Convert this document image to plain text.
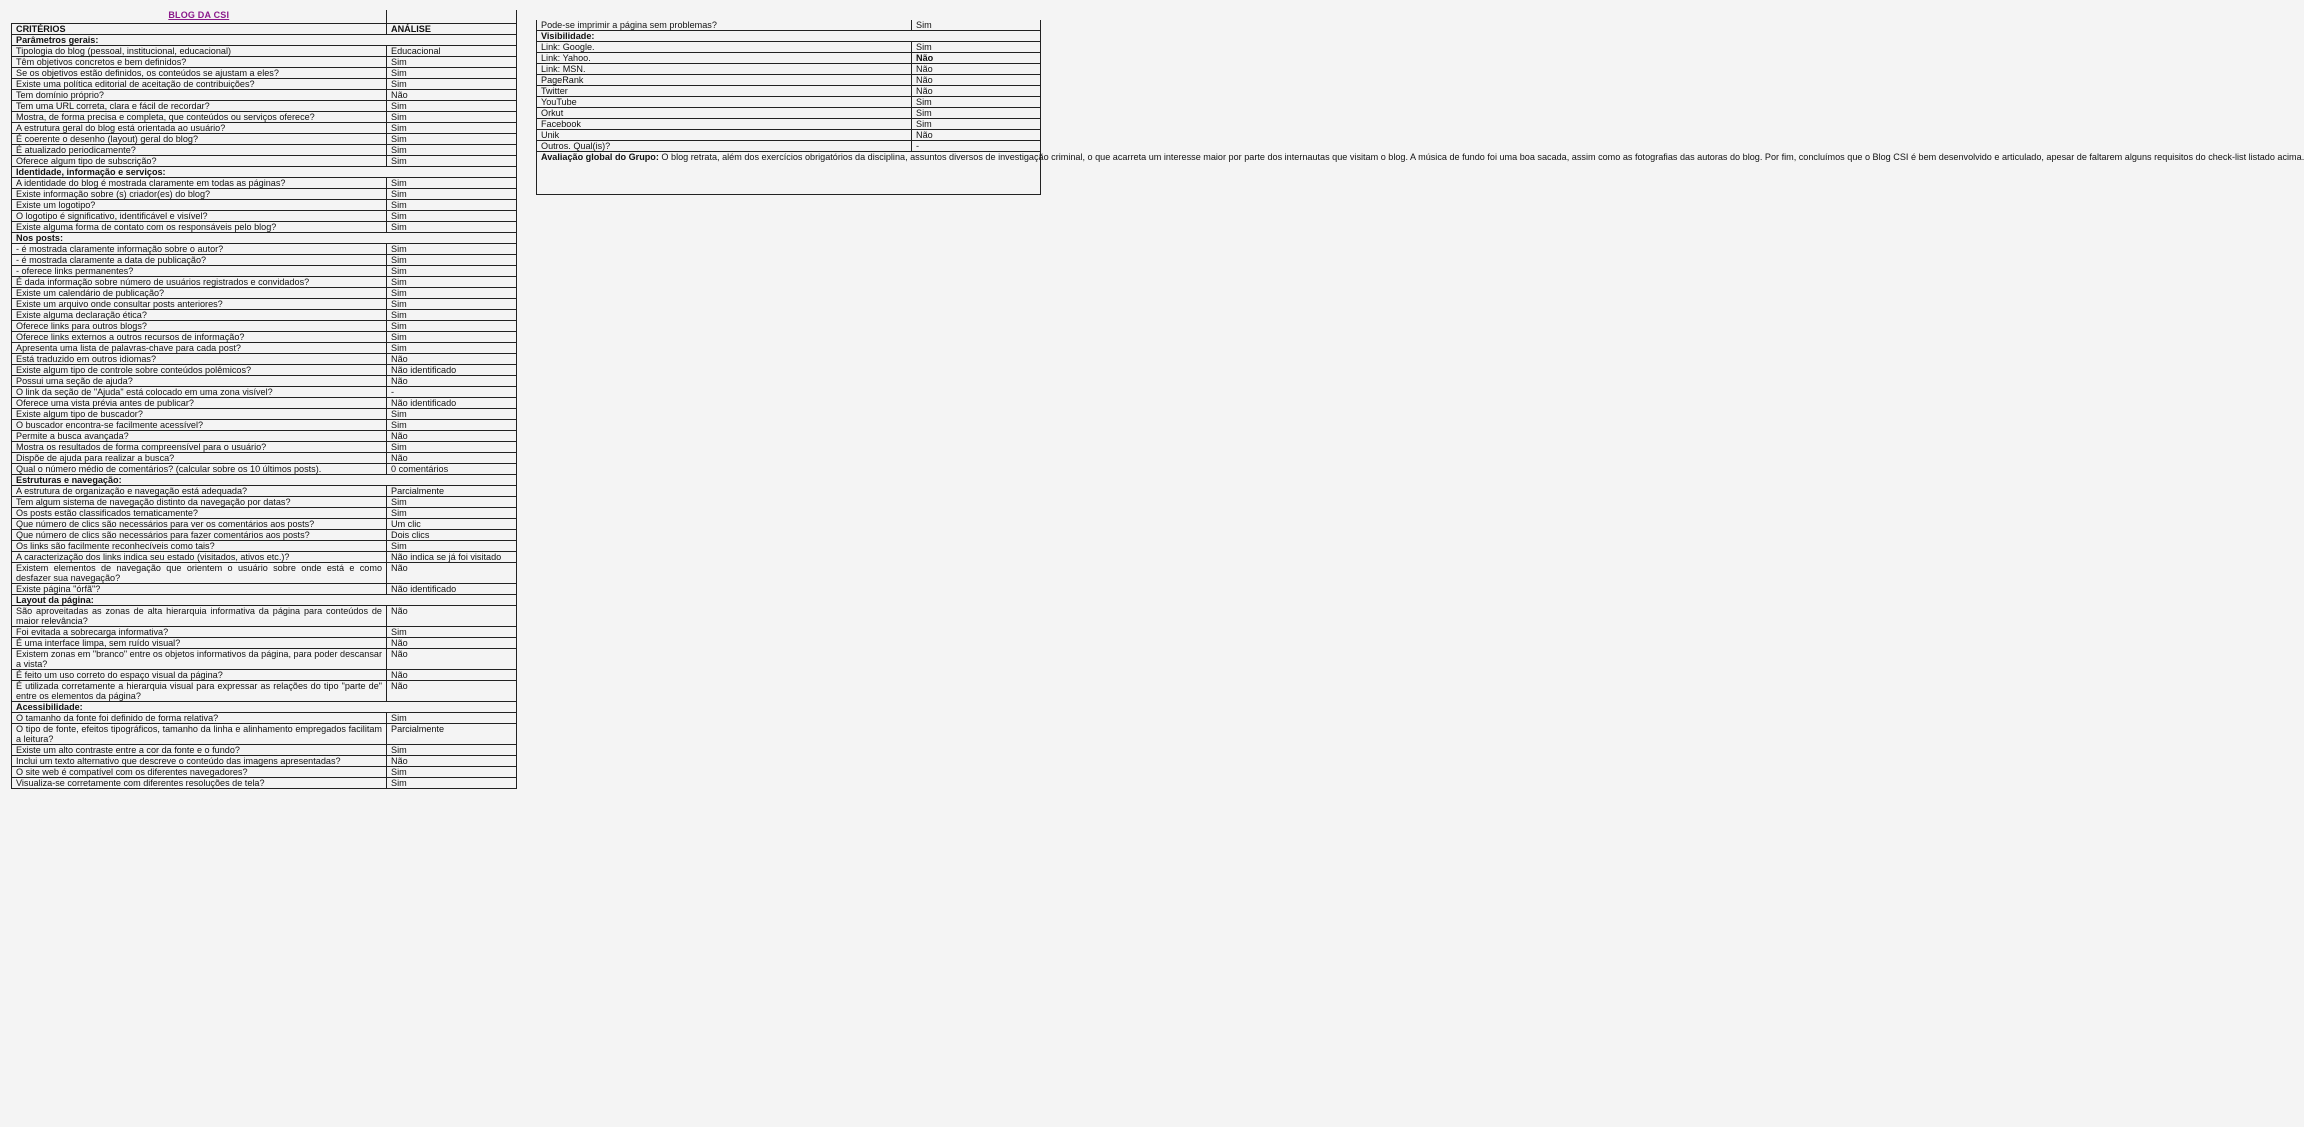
BLOG DA CSI	
CRITÉRIOS	ANÁLISE
Parâmetros gerais:	
Tipologia do blog (pessoal, institucional, educacional)	Educacional
Têm objetivos concretos e bem definidos?	Sim
Se os objetivos estão definidos, os conteúdos se ajustam a eles?	Sim
Existe uma política editorial de aceitação de contribuições?	Sim
Tem domínio próprio?	Não
Tem uma URL correta, clara e fácil de recordar?	Sim
Mostra, de forma precisa e completa, que conteúdos ou serviços oferece?	Sim
A estrutura geral do blog está orientada ao usuário?	Sim
É coerente o desenho (layout) geral do blog?	Sim
É atualizado periodicamente?	Sim
Oferece algum tipo de subscrição?	Sim
Identidade, informação e serviços:	
A identidade do blog é mostrada claramente em todas as páginas?	Sim
Existe informação sobre (s) criador(es) do blog?	Sim
Existe um logotipo?	Sim
O logotipo é significativo, identificável e visível?	Sim
Existe alguma forma de contato com os responsáveis pelo blog?	Sim
Nos posts:	
- é mostrada claramente informação sobre o autor?	Sim
- é mostrada claramente a data de publicação?	Sim
- oferece links permanentes?	Sim
É dada informação sobre número de usuários registrados e convidados?	Sim
Existe um calendário de publicação?	Sim
Existe um arquivo onde consultar posts anteriores?	Sim
Existe alguma declaração ética?	Sim
Oferece links para outros blogs?	Sim
Oferece links externos a outros recursos de informação?	Sim
Apresenta uma lista de palavras-chave para cada post?	Sim
Está traduzido em outros idiomas?	Não
Existe algum tipo de controle sobre conteúdos polêmicos?	Não identificado
Possui uma seção de ajuda?	Não
O link da seção de "Ajuda" está colocado em uma zona visível?	-
Oferece uma vista prévia antes de publicar?	Não identificado
Existe algum tipo de buscador?	Sim
O buscador encontra-se facilmente acessível?	Sim
Permite a busca avançada?	Não
Mostra os resultados de forma compreensível para o usuário?	Sim
Dispõe de ajuda para realizar a busca?	Não
Qual o número médio de comentários? (calcular sobre os 10 últimos posts).	0 comentários
Estruturas e navegação:	
A estrutura de organização e navegação está adequada?	Parcialmente
Tem algum sistema de navegação distinto da navegação por datas?	Sim
Os posts estão classificados tematicamente?	Sim
Que número de clics são necessários para ver os comentários aos posts?	Um clic
Que número de clics são necessários para fazer comentários aos posts?	Dois clics
Os links são facilmente reconhecíveis como tais?	Sim
A caracterização dos links indica seu estado (visitados, ativos etc.)?	Não indica se já foi visitado
Existem elementos de navegação que orientem o usuário sobre onde está e como desfazer sua navegação?	Não
Existe página "órfã"?	Não identificado
Layout da página:	
São aproveitadas as zonas de alta hierarquia informativa da página para conteúdos de maior relevância?	Não
Foi evitada a sobrecarga informativa?	Sim
É uma interface limpa, sem ruído visual?	Não
Existem zonas em "branco" entre os objetos informativos da página, para poder descansar a vista?	Não
É feito um uso correto do espaço visual da página?	Não
É utilizada corretamente a hierarquia visual para expressar as relações do tipo "parte de" entre os elementos da página?	Não
Acessibilidade:	
O tamanho da fonte foi definido de forma relativa?	Sim
O tipo de fonte, efeitos tipográficos, tamanho da linha e alinhamento empregados facilitam a leitura?	Parcialmente
Existe um alto contraste entre a cor da fonte e o fundo?	Sim
Inclui um texto alternativo que descreve o conteúdo das imagens apresentadas?	Não
O site web é compatível com os diferentes navegadores?	Sim
Visualiza-se corretamente com diferentes resoluções de tela?	Sim
Pode-se imprimir a página sem problemas?	Sim
Visibilidade:	
Link: Google.	Sim
Link: Yahoo.	Não
Link: MSN.	Não
PageRank	Não
Twitter	Não
YouTube	Sim
Orkut	Sim
Facebook	Sim
Unik	Não
Outros. Qual(is)?	-
Avaliação global do Grupo: O blog retrata, além dos exercícios obrigatórios da disciplina, assuntos diversos de investigação criminal, o que acarreta um interesse maior por parte dos internautas que visitam o blog. A música de fundo foi uma boa sacada, assim como as fotografias das autoras do blog. Por fim, concluímos que o Blog CSI é bem desenvolvido e articulado, apesar de faltarem alguns requisitos do check-list listado acima.	
